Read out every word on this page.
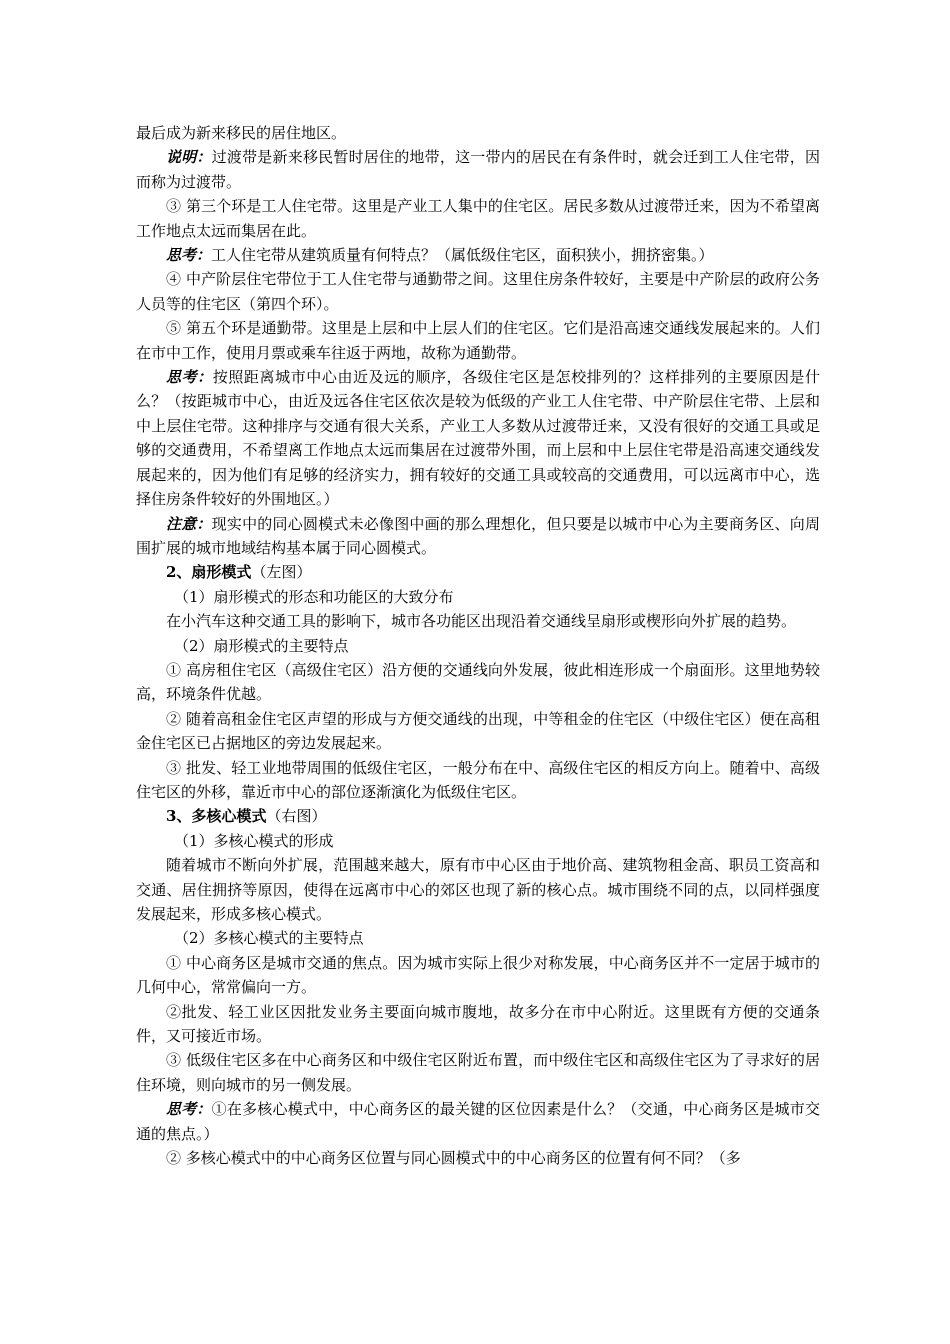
最后成为新来移民的居住地区。

说明：过渡带是新来移民暂时居住的地带，这一带内的居民在有条件时，就会迁到工人住宅带，因而称为过渡带。

③ 第三个环是工人住宅带。这里是产业工人集中的住宅区。居民多数从过渡带迁来，因为不希望离工作地点太远而集居在此。

思考：工人住宅带从建筑质量有何特点？（属低级住宅区，面积狭小，拥挤密集。）

④ 中产阶层住宅带位于工人住宅带与通勤带之间。这里住房条件较好，主要是中产阶层的政府公务人员等的住宅区（第四个环）。

⑤ 第五个环是通勤带。这里是上层和中上层人们的住宅区。它们是沿高速交通线发展起来的。人们在市中工作，使用月票或乘车往返于两地，故称为通勤带。

思考：按照距离城市中心由近及远的顺序，各级住宅区是怎校排列的？这样排列的主要原因是什么？（按距城市中心，由近及远各住宅区依次是较为低级的产业工人住宅带、中产阶层住宅带、上层和中上层住宅带。这种排序与交通有很大关系，产业工人多数从过渡带迁来，又没有很好的交通工具或足够的交通费用，不希望离工作地点太远而集居在过渡带外围，而上层和中上层住宅带是沿高速交通线发展起来的，因为他们有足够的经济实力，拥有较好的交通工具或较高的交通费用，可以远离市中心，选择住房条件较好的外围地区。）

注意：现实中的同心圆模式未必像图中画的那么理想化，但只要是以城市中心为主要商务区、向周围扩展的城市地域结构基本属于同心圆模式。

2、扇形模式（左图）

（1）扇形模式的形态和功能区的大致分布

在小汽车这种交通工具的影响下，城市各功能区出现沿着交通线呈扇形或楔形向外扩展的趋势。

（2）扇形模式的主要特点

① 高房租住宅区（高级住宅区）沿方便的交通线向外发展，彼此相连形成一个扇面形。这里地势较高，环境条件优越。

② 随着高租金住宅区声望的形成与方便交通线的出现，中等租金的住宅区（中级住宅区）便在高租金住宅区已占据地区的旁边发展起来。

③ 批发、轻工业地带周围的低级住宅区，一般分布在中、高级住宅区的相反方向上。随着中、高级住宅区的外移，靠近市中心的部位逐渐演化为低级住宅区。

3、多核心模式（右图）

（1）多核心模式的形成

随着城市不断向外扩展，范围越来越大，原有市中心区由于地价高、建筑物租金高、职员工资高和交通、居住拥挤等原因，使得在远离市中心的郊区也现了新的核心点。城市围绕不同的点，以同样强度发展起来，形成多核心模式。

（2）多核心模式的主要特点

① 中心商务区是城市交通的焦点。因为城市实际上很少对称发展，中心商务区并不一定居于城市的几何中心，常常偏向一方。

②批发、轻工业区因批发业务主要面向城市腹地，故多分在市中心附近。这里既有方便的交通条件，又可接近市场。

③ 低级住宅区多在中心商务区和中级住宅区附近布置，而中级住宅区和高级住宅区为了寻求好的居住环境，则向城市的另一侧发展。

思考：①在多核心模式中，中心商务区的最关键的区位因素是什么？（交通，中心商务区是城市交通的焦点。）

② 多核心模式中的中心商务区位置与同心圆模式中的中心商务区的位置有何不同？（多
